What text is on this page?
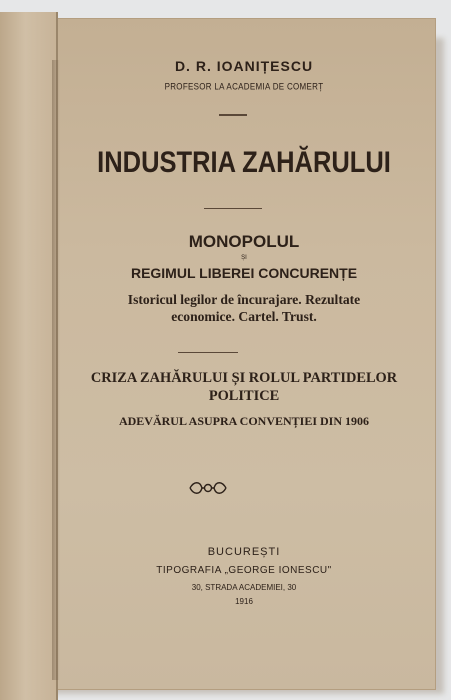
D. R. IOANIȚESCU
PROFESOR LA ACADEMIA DE COMERȚ
INDUSTRIA ZAHĂRULUI
MONOPOLUL
ȘI
REGIMUL LIBEREI CONCURENȚE
Istoricul legilor de încurajare. Rezultate
economice. Cartel. Trust.
CRIZA ZAHĂRULUI ȘI ROLUL PARTIDELOR
POLITICE
ADEVĂRUL ASUPRA CONVENȚIEI DIN 1906
BUCUREȘTI
TIPOGRAFIA „GEORGE IONESCU"
30, STRADA ACADEMIEI, 30
1916
